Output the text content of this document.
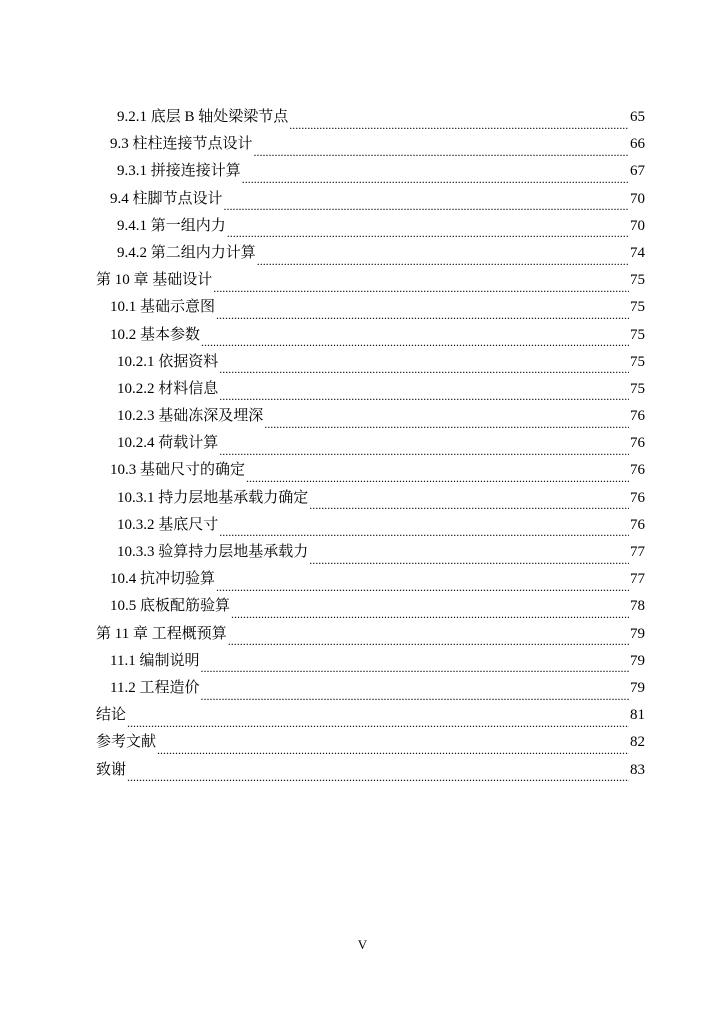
9.2.1 底层 B 轴处梁梁节点 .....	65
9.3 柱柱连接节点设计 .....	66
9.3.1 拼接连接计算 .....	67
9.4 柱脚节点设计 .....	70
9.4.1 第一组内力 .....	70
9.4.2 第二组内力计算 .....	74
第 10 章 基础设计 .....	75
10.1 基础示意图 .....	75
10.2 基本参数 .....	75
10.2.1 依据资料 .....	75
10.2.2 材料信息 .....	75
10.2.3 基础冻深及埋深 .....	76
10.2.4 荷载计算 .....	76
10.3 基础尺寸的确定 .....	76
10.3.1 持力层地基承载力确定 .....	76
10.3.2 基底尺寸 .....	76
10.3.3 验算持力层地基承载力 .....	77
10.4 抗冲切验算 .....	77
10.5 底板配筋验算 .....	78
第 11 章 工程概预算 .....	79
11.1 编制说明 .....	79
11.2 工程造价 .....	79
结论 .....	81
参考文献 .....	82
致谢 .....	83
V
